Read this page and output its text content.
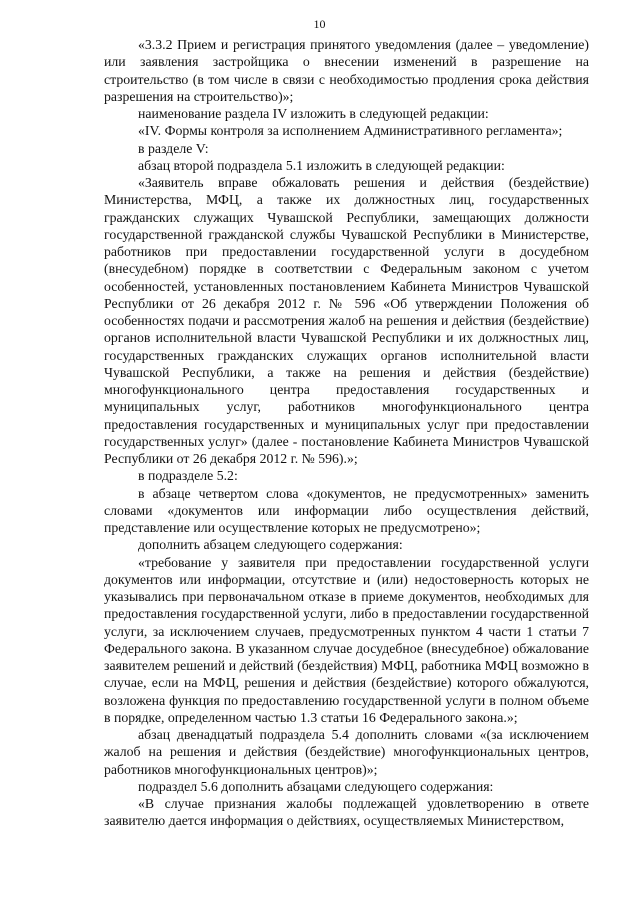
10

«3.3.2 Прием и регистрация принятого уведомления (далее – уведомление) или заявления застройщика о внесении изменений в разрешение на строительство (в том числе в связи с необходимостью продления срока действия разрешения на строительство)»;

наименование раздела IV изложить в следующей редакции:

«IV. Формы контроля за исполнением Административного регламента»;

в разделе V:

абзац второй подраздела 5.1 изложить в следующей редакции:

«Заявитель вправе обжаловать решения и действия (бездействие) Министерства, МФЦ, а также их должностных лиц, государственных гражданских служащих Чувашской Республики, замещающих должности государственной гражданской службы Чувашской Республики в Министерстве, работников при предоставлении государственной услуги в досудебном (внесудебном) порядке в соответствии с Федеральным законом с учетом особенностей, установленных постановлением Кабинета Министров Чувашской Республики от 26 декабря 2012 г. № 596 «Об утверждении Положения об особенностях подачи и рассмотрения жалоб на решения и действия (бездействие) органов исполнительной власти Чувашской Республики и их должностных лиц, государственных гражданских служащих органов исполнительной власти Чувашской Республики, а также на решения и действия (бездействие) многофункционального центра предоставления государственных и муниципальных услуг, работников многофункционального центра предоставления государственных и муниципальных услуг при предоставлении государственных услуг» (далее - постановление Кабинета Министров Чувашской Республики от 26 декабря 2012 г. № 596).»;

в подразделе 5.2:

в абзаце четвертом слова «документов, не предусмотренных» заменить словами «документов или информации либо осуществления действий, представление или осуществление которых не предусмотрено»;

дополнить абзацем следующего содержания:

«требование у заявителя при предоставлении государственной услуги документов или информации, отсутствие и (или) недостоверность которых не указывались при первоначальном отказе в приеме документов, необходимых для предоставления государственной услуги, либо в предоставлении государственной услуги, за исключением случаев, предусмотренных пунктом 4 части 1 статьи 7 Федерального закона. В указанном случае досудебное (внесудебное) обжалование заявителем решений и действий (бездействия) МФЦ, работника МФЦ возможно в случае, если на МФЦ, решения и действия (бездействие) которого обжалуются, возложена функция по предоставлению государственной услуги в полном объеме в порядке, определенном частью 1.3 статьи 16 Федерального закона.»;

абзац двенадцатый подраздела 5.4 дополнить словами «(за исключением жалоб на решения и действия (бездействие) многофункциональных центров, работников многофункциональных центров)»;

подраздел 5.6 дополнить абзацами следующего содержания:

«В случае признания жалобы подлежащей удовлетворению в ответе заявителю дается информация о действиях, осуществляемых Министерством,
